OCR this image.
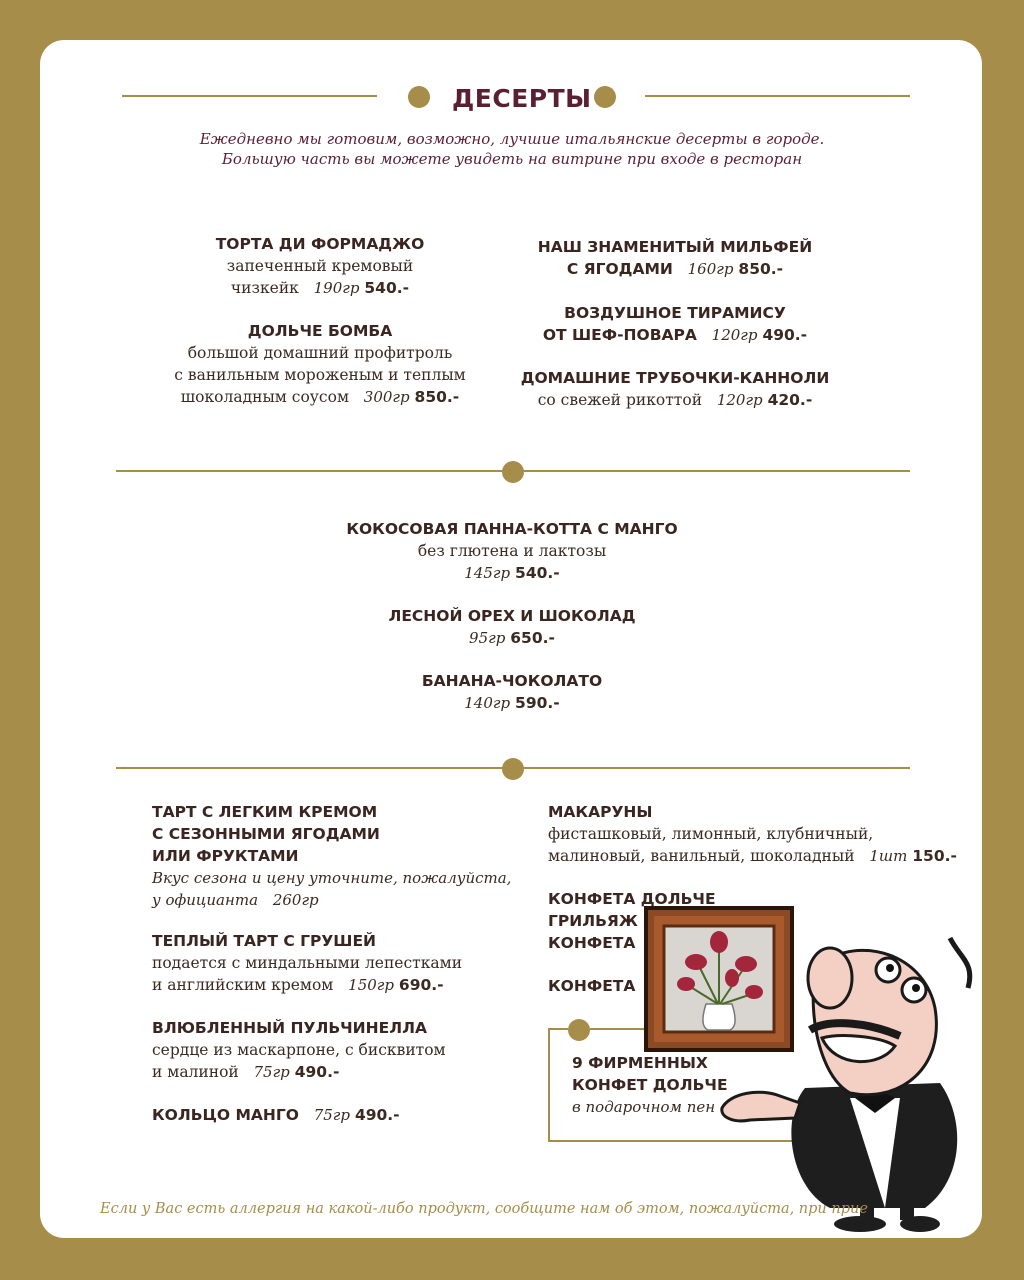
ДЕСЕРТЫ
Ежедневно мы готовим, возможно, лучшие итальянские десерты в городе.
Большую часть вы можете увидеть на витрине при входе в ресторан
ТОРТА ДИ ФОРМАДЖО
запеченный кремовый
чизкейк 190гр 540.-
ДОЛЬЧЕ БОМБА
большой домашний профитроль
с ванильным мороженым и теплым
шоколадным соусом 300гр 850.-
НАШ ЗНАМЕНИТЫЙ МИЛЬФЕЙ
С ЯГОДАМИ 160гр 850.-
ВОЗДУШНОЕ ТИРАМИСУ
ОТ ШЕФ-ПОВАРА 120гр 490.-
ДОМАШНИЕ ТРУБОЧКИ-КАННОЛИ
со свежей рикоттой 120гр 420.-
КОКОСОВАЯ ПАННА-КОТТА С МАНГО
без глютена и лактозы
145гр 540.-
ЛЕСНОЙ ОРЕХ И ШОКОЛАД
95гр 650.-
БАНАНА-ЧОКОЛАТО
140гр 590.-
ТАРТ С ЛЕГКИМ КРЕМОМ
С СЕЗОННЫМИ ЯГОДАМИ
ИЛИ ФРУКТАМИ
Вкус сезона и цену уточните, пожалуйста,
у официанта 260гр
ТЕПЛЫЙ ТАРТ С ГРУШЕЙ
подается с миндальными лепестками
и английским кремом 150гр 690.-
ВЛЮБЛЕННЫЙ ПУЛЬЧИНЕЛЛА
сердце из маскарпоне, с бисквитом
и малиной 75гр 490.-
КОЛЬЦО МАНГО 75гр 490.-
МАКАРУНЫ
фисташковый, лимонный, клубничный,
малиновый, ванильный, шоколадный 1шт 150.-
КОНФЕТА ДОЛЬЧЕ ГРИЛЬЯЖ
КОНФЕТА
КОНФЕТА
9 ФИРМЕННЫХ
КОНФЕТ ДОЛЬЧЕ
в подарочном пен
Если у Вас есть аллергия на какой-либо продукт, сообщите нам об этом, пожалуйста, при прие
